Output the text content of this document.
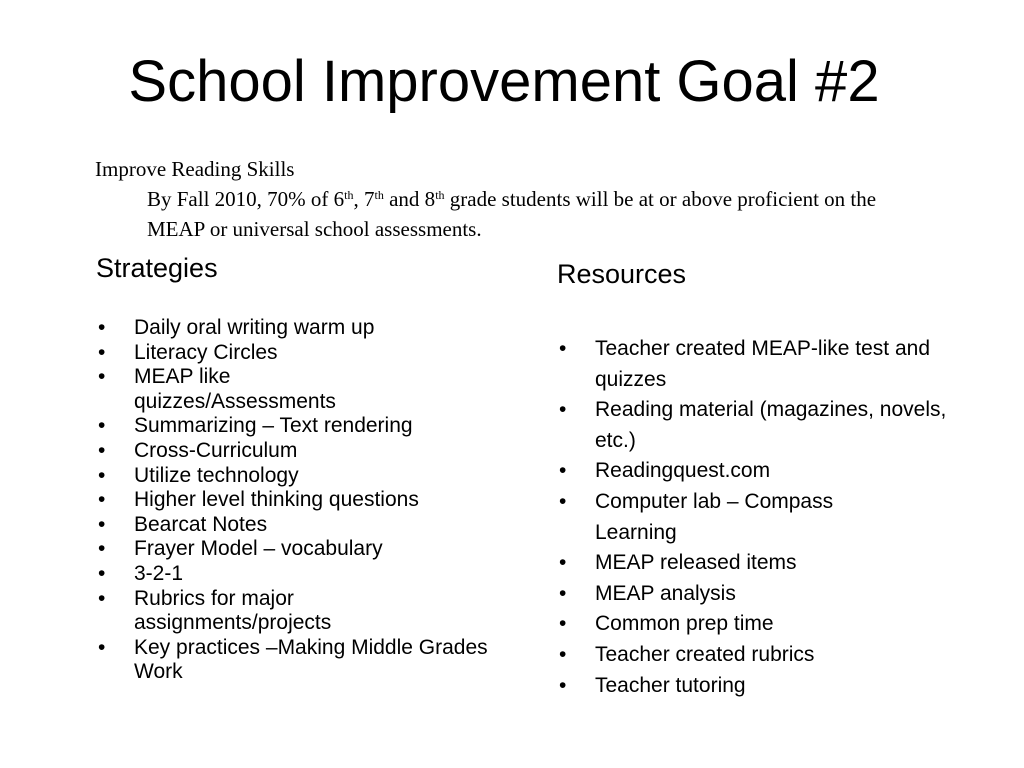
School Improvement Goal #2
Improve Reading Skills
By Fall 2010, 70% of 6th, 7th and 8th grade students will be at or above proficient on the MEAP or universal school assessments.
Strategies
• Daily oral writing warm up
• Literacy Circles
• MEAP like quizzes/Assessments
• Summarizing – Text rendering
• Cross-Curriculum
• Utilize technology
• Higher level thinking questions
• Bearcat Notes
• Frayer Model – vocabulary
• 3-2-1
• Rubrics for major assignments/projects
• Key practices –Making Middle Grades Work
Resources
• Teacher created MEAP-like test and quizzes
• Reading material (magazines, novels, etc.)
• Readingquest.com
• Computer lab – Compass Learning
• MEAP released items
• MEAP analysis
• Common prep time
• Teacher created rubrics
• Teacher tutoring
